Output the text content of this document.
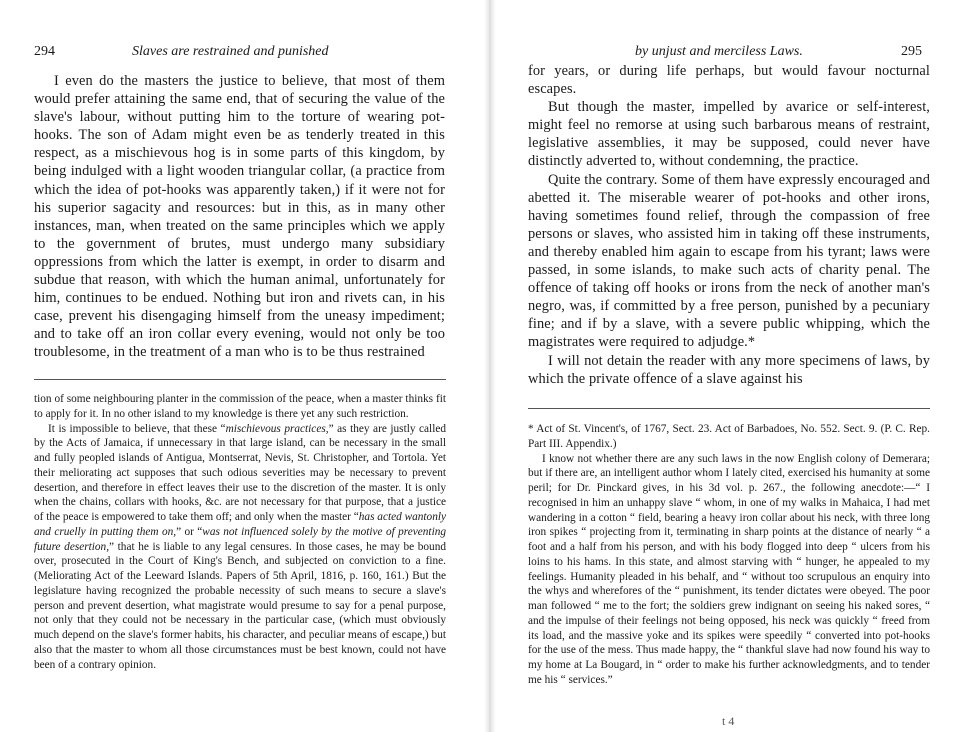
294	Slaves are restrained and punished

I even do the masters the justice to believe, that most of them would prefer attaining the same end, that of securing the value of the slave's labour, without putting him to the torture of wearing pot-hooks. The son of Adam might even be as tenderly treated in this respect, as a mischievous hog is in some parts of this kingdom, by being indulged with a light wooden triangular collar, (a practice from which the idea of pot-hooks was apparently taken,) if it were not for his superior sagacity and resources: but in this, as in many other instances, man, when treated on the same principles which we apply to the government of brutes, must undergo many subsidiary oppressions from which the latter is exempt, in order to disarm and subdue that reason, with which the human animal, unfortunately for him, continues to be endued. Nothing but iron and rivets can, in his case, prevent his disengaging himself from the uneasy impediment; and to take off an iron collar every evening, would not only be too troublesome, in the treatment of a man who is to be thus restrained

tion of some neighbouring planter in the commission of the peace, when a master thinks fit to apply for it. In no other island to my knowledge is there yet any such restriction.

It is impossible to believe, that these “mischievous practices,” as they are justly called by the Acts of Jamaica, if unnecessary in that large island, can be necessary in the small and fully peopled islands of Antigua, Montserrat, Nevis, St. Christopher, and Tortola. Yet their meliorating act supposes that such odious severities may be necessary to prevent desertion, and therefore in effect leaves their use to the discretion of the master. It is only when the chains, collars with hooks, &c. are not necessary for that purpose, that a justice of the peace is empowered to take them off; and only when the master “has acted wantonly and cruelly in putting them on,” or “was not influenced solely by the motive of preventing future desertion,” that he is liable to any legal censures. In those cases, he may be bound over, prosecuted in the Court of King's Bench, and subjected on conviction to a fine. (Meliorating Act of the Leeward Islands. Papers of 5th April, 1816, p. 160, 161.) But the legislature having recognized the probable necessity of such means to secure a slave's person and prevent desertion, what magistrate would presume to say for a penal purpose, not only that they could not be necessary in the particular case, (which must obviously much depend on the slave's former habits, his character, and peculiar means of escape,) but also that the master to whom all those circumstances must be best known, could not have been of a contrary opinion.

by unjust and merciless Laws.	295

for years, or during life perhaps, but would favour nocturnal escapes.

But though the master, impelled by avarice or self-interest, might feel no remorse at using such barbarous means of restraint, legislative assemblies, it may be supposed, could never have distinctly adverted to, without condemning, the practice.

Quite the contrary. Some of them have expressly encouraged and abetted it. The miserable wearer of pot-hooks and other irons, having sometimes found relief, through the compassion of free persons or slaves, who assisted him in taking off these instruments, and thereby enabled him again to escape from his tyrant; laws were passed, in some islands, to make such acts of charity penal. The offence of taking off hooks or irons from the neck of another man's negro, was, if committed by a free person, punished by a pecuniary fine; and if by a slave, with a severe public whipping, which the magistrates were required to adjudge.*

I will not detain the reader with any more specimens of laws, by which the private offence of a slave against his

* Act of St. Vincent's, of 1767, Sect. 23. Act of Barbadoes, No. 552. Sect. 9. (P. C. Rep. Part III. Appendix.)

I know not whether there are any such laws in the now English colony of Demerara; but if there are, an intelligent author whom I lately cited, exercised his humanity at some peril; for Dr. Pinckard gives, in his 3d vol. p. 267., the following anecdote:—“ I recognised in him an unhappy slave “ whom, in one of my walks in Mahaica, I had met wandering in a cotton “ field, bearing a heavy iron collar about his neck, with three long iron spikes “ projecting from it, terminating in sharp points at the distance of nearly “ a foot and a half from his person, and with his body flogged into deep “ ulcers from his loins to his hams. In this state, and almost starving with “ hunger, he appealed to my feelings. Humanity pleaded in his behalf, and “ without too scrupulous an enquiry into the whys and wherefores of the “ punishment, its tender dictates were obeyed. The poor man followed “ me to the fort; the soldiers grew indignant on seeing his naked sores, “ and the impulse of their feelings not being opposed, his neck was quickly “ freed from its load, and the massive yoke and its spikes were speedily “ converted into pot-hooks for the use of the mess. Thus made happy, the “ thankful slave had now found his way to my home at La Bougard, in “ order to make his further acknowledgments, and to tender me his “ services.”

t 4
